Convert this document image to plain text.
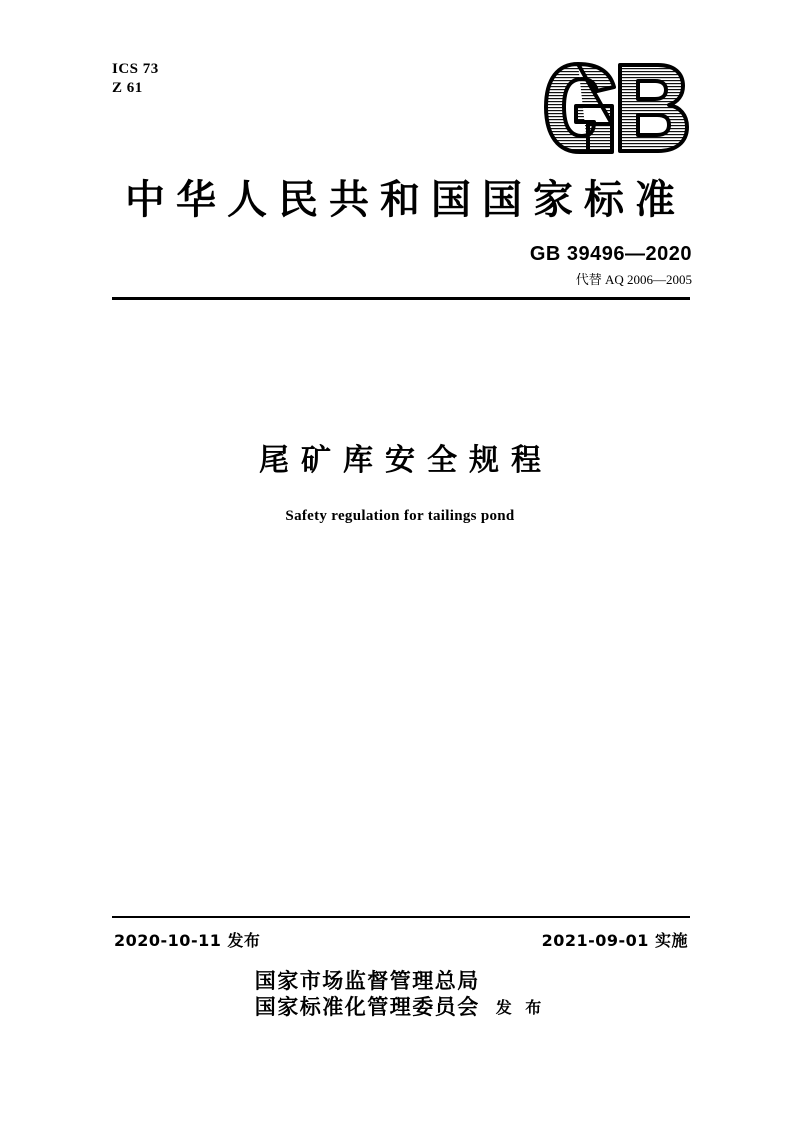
ICS 73
Z 61
中华人民共和国国家标准
GB 39496—2020
代替 AQ 2006—2005
尾矿库安全规程
Safety regulation for tailings pond
2020-10-11 发布	2021-09-01 实施
国家市场监督管理总局
国家标准化管理委员会 发 布
